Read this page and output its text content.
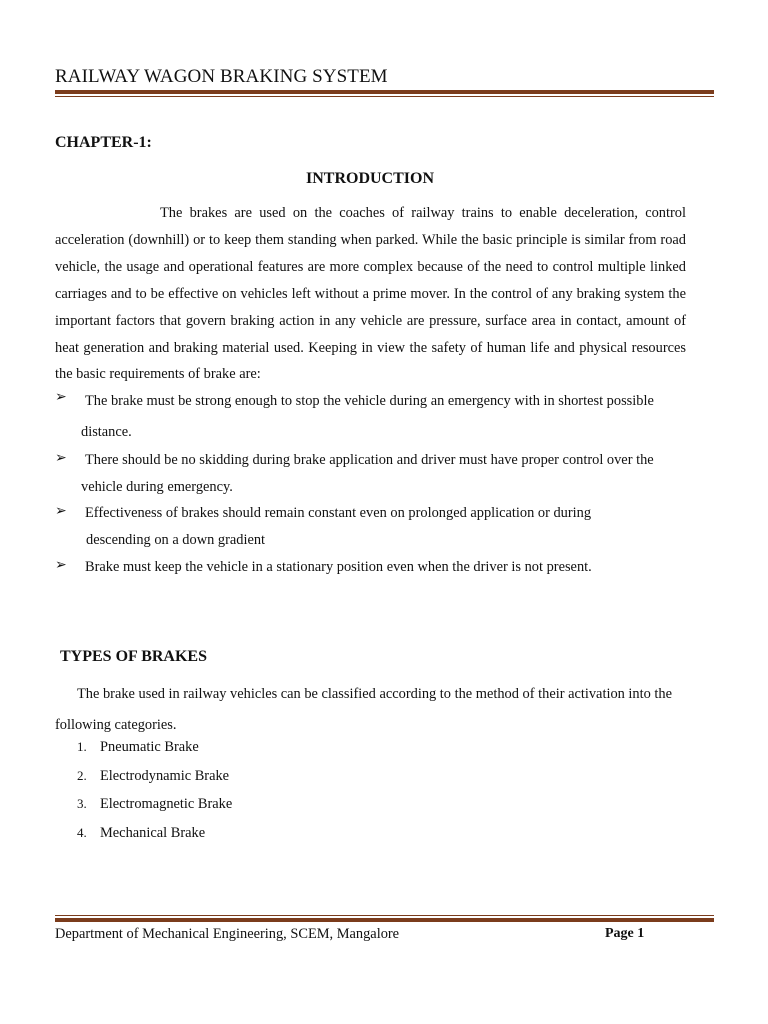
RAILWAY WAGON BRAKING SYSTEM
CHAPTER-1:
INTRODUCTION
The brakes are used on the coaches of railway trains to enable deceleration, control acceleration (downhill) or to keep them standing when parked. While the basic principle is similar from road vehicle, the usage and operational features are more complex because of the need to control multiple linked carriages and to be effective on vehicles left without a prime mover. In the control of any braking system the important factors that govern braking action in any vehicle are pressure, surface area in contact, amount of heat generation and braking material used. Keeping in view the safety of human life and physical resources the basic requirements of brake are:
➢ The brake must be strong enough to stop the vehicle during an emergency with in shortest possible
distance.
➢ There should be no skidding during brake application and driver must have proper control over the
vehicle during emergency.
➢ Effectiveness of brakes should remain constant even on prolonged application or during
descending on a down gradient
➢ Brake must keep the vehicle in a stationary position even when the driver is not present.
TYPES OF BRAKES
The brake used in railway vehicles can be classified according to the method of their activation into the following categories.
1. Pneumatic Brake
2. Electrodynamic Brake
3. Electromagnetic Brake
4. Mechanical Brake
Department of Mechanical Engineering, SCEM, Mangalore	Page 1
